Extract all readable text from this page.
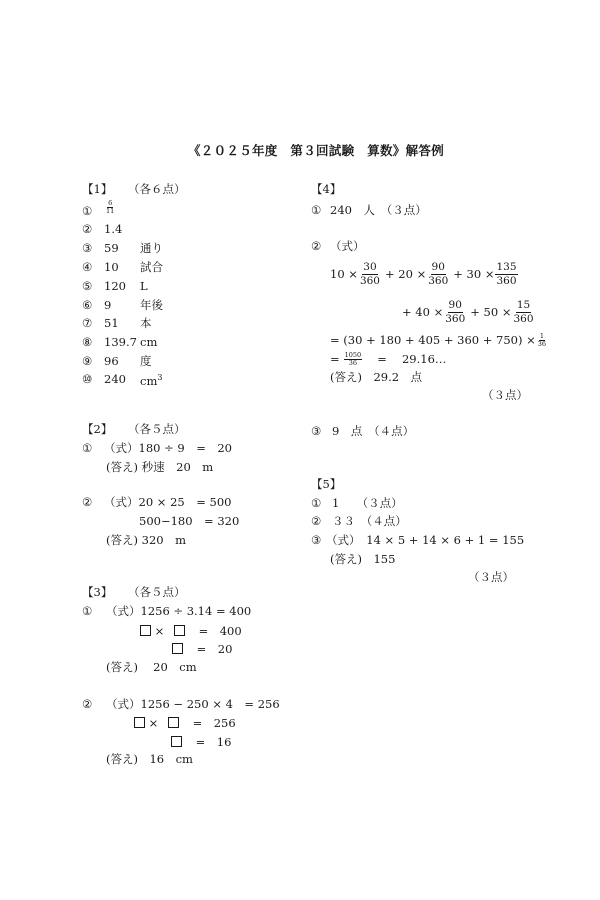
《２０２５年度　第３回試験　算数》解答例
【1】 （各６点）
① $\frac{6}{11}$
② 1.4
③ 59 通り
④ 10 試合
⑤ 120 L
⑥ 9 年後
⑦ 51 本
⑧ 139.7 cm
⑨ 96 度
⑩ 240 $cm^3$
【2】 （各５点）
① （式）180 ÷ 9　=　20
(答え) 秒速　20　m
② （式）20 × 25　= 500
500−180　= 320
(答え) 320　m
【3】 （各５点）
① （式）1256 ÷ 3.14 = 400
×	=　400
=　20
(答え)　 20　cm
② （式）1256 − 250 × 4　= 256
×	=　256
=　16
(答え)　16　cm
【4】
① 240　人　（３点）
② （式）
$10 \times \frac{30}{360} + 20 \times \frac{90}{360} + 30 \times \frac{135}{360}$
+ $40 \times \frac{90}{360} + 50 \times \frac{15}{360}$
= $(30 + 180 + 405 + 360 + 750) \times \frac{1}{36}$
= $\frac{1050}{36}$ =　 29.16…
(答え)　29.2　点
（３点）
③ 9　点　（４点）
【5】
① 1　　（３点）
② ３３　（４点）
③ （式）　14 × 5 + 14 × 6 + 1 = 155
(答え)　155
（３点）
